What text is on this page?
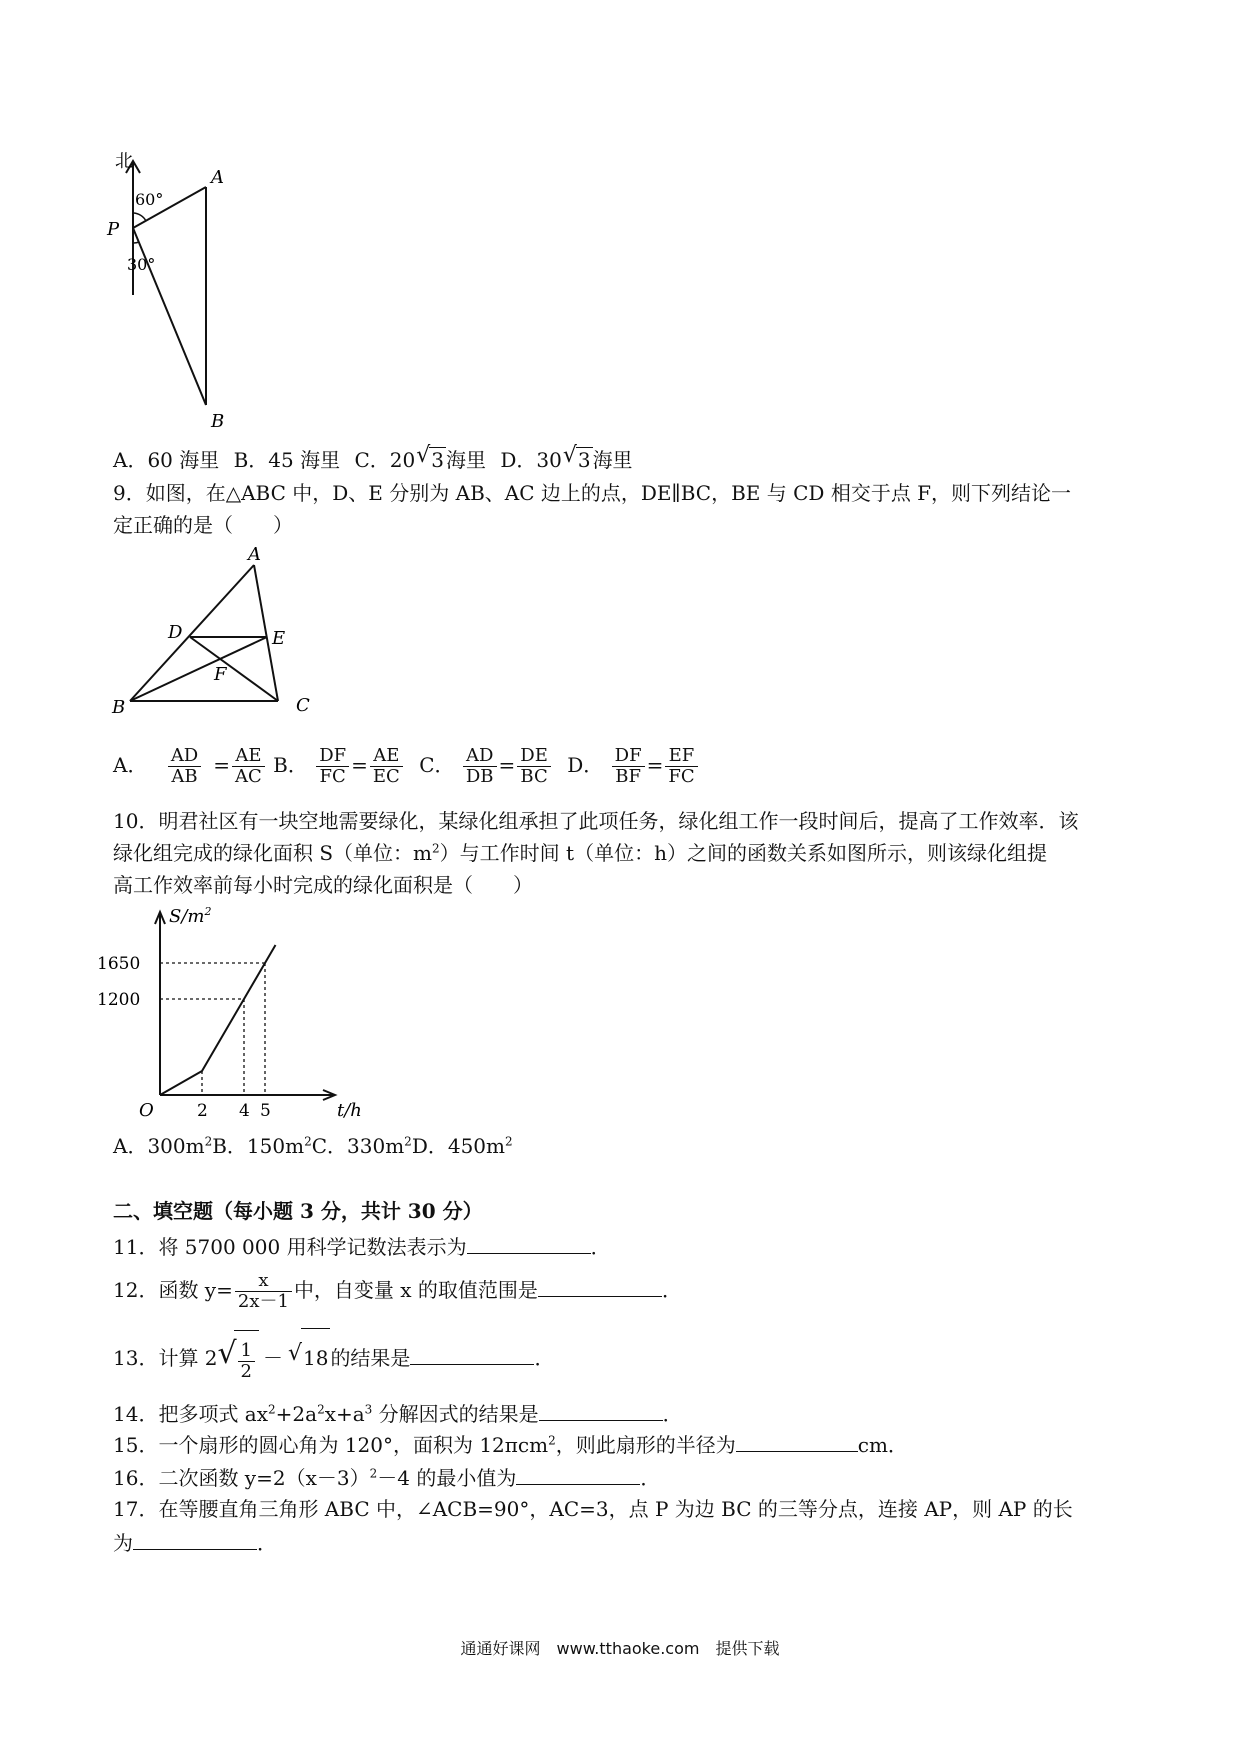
北
A
P
B
60°
30°
A．60 海里 B．45 海里 C．20 √ 3 海里 D．30 √ 3 海里
9．如图，在△ABC 中，D、E 分别为 AB、AC 边上的点，DE∥BC，BE 与 CD 相交于点 F，则下列结论一
定正确的是（　　）
A
B	C
D	E
F
A． $\frac{AD}{AB} = \frac{AE}{AC}$ B． $\frac{DF}{FC} = \frac{AE}{EC}$ C． $\frac{AD}{DB} = \frac{DE}{BC}$ D． $\frac{DF}{BF} = \frac{EF}{FC}$
10．明君社区有一块空地需要绿化，某绿化组承担了此项任务，绿化组工作一段时间后，提高了工作效率．该
绿化组完成的绿化面积 S（单位：$m^2$）与工作时间 t（单位：h）之间的函数关系如图所示，则该绿化组提
高工作效率前每小时完成的绿化面积是（　　）
$S/m^2$
t/h
O	2 4 5
1200
1650
A．$300m^2B$．$150m^2C$．$330m^2D$．$450m^2$
二、填空题（每小题 3 分，共计 30 分）
11．将 5700 000 用科学记数法表示为	．
12．函数 $y= \frac{x}{2x-1}$ 中，自变量 x 的取值范围是	．
13．计算 2 √ $\frac{1}{2}$ － √ 18 的结果是	．
14．把多项式 $ax^2+2a^2x+a^3$ 分解因式的结果是	．
15．一个扇形的圆心角为 120°，面积为 12πcm$^2$，则此扇形的半径为	cm．
16．二次函数 $y=2(x-3)^2-4$ 的最小值为	．
17．在等腰直角三角形 ABC 中，∠ACB=90°，AC=3，点 P 为边 BC 的三等分点，连接 AP，则 AP 的长
为	．
通通好课网　www.tthaoke.com　提供下载
